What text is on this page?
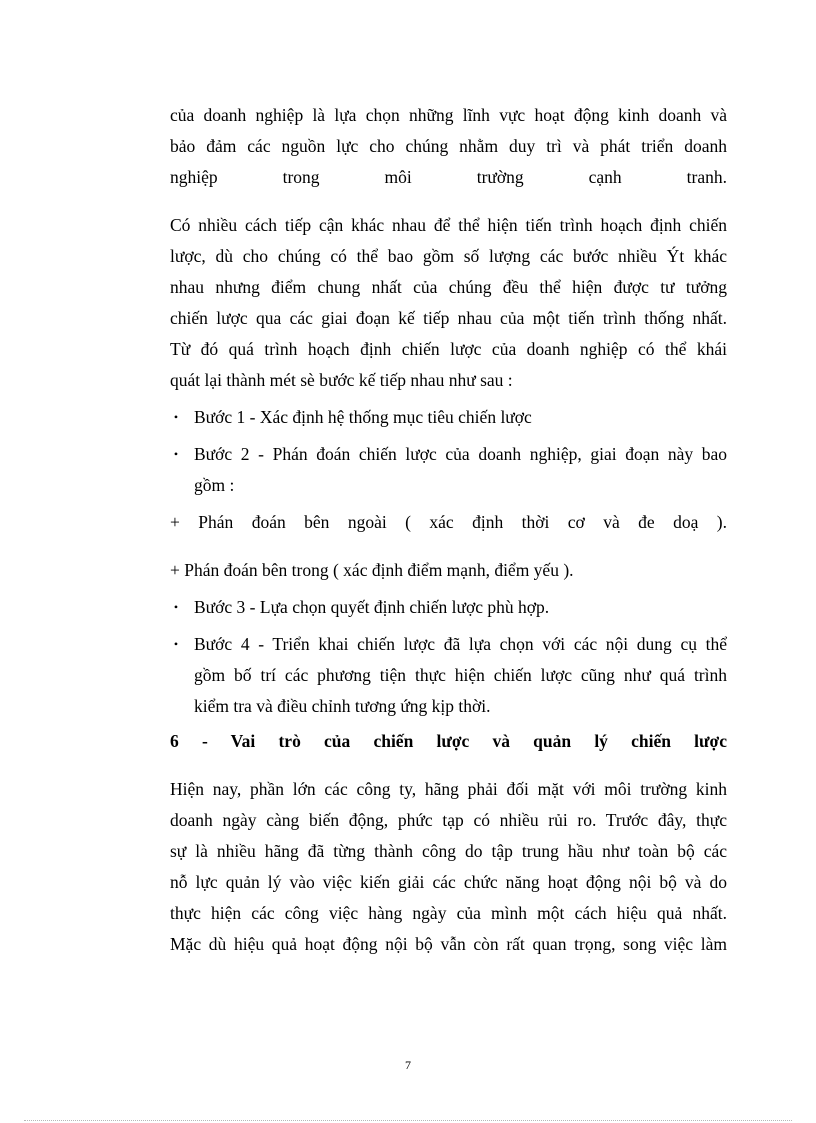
của doanh nghiệp là lựa chọn những lĩnh vực hoạt động kinh doanh và
bảo đảm các nguồn lực cho chúng nhằm duy trì và phát triển doanh
nghiệp trong môi trường cạnh tranh.

Có nhiều cách tiếp cận khác nhau để thể hiện tiến trình hoạch định chiến
lược, dù cho chúng có thể bao gồm số lượng các bước nhiều Ýt khác
nhau nhưng điểm chung nhất của chúng đều thể hiện được tư tưởng
chiến lược qua các giai đoạn kế tiếp nhau của một tiến trình thống nhất.
Từ đó quá trình hoạch định chiến lược của doanh nghiệp có thể khái
quát lại thành mét sè bước kế tiếp nhau như sau :

• Bước 1 - Xác định hệ thống mục tiêu chiến lược
• Bước 2 - Phán đoán chiến lược của doanh nghiệp, giai đoạn này bao
gồm :

+ Phán đoán bên ngoài ( xác định thời cơ và đe doạ ).

+ Phán đoán bên trong ( xác định điểm mạnh, điểm yếu ).

• Bước 3 - Lựa chọn quyết định chiến lược phù hợp.
• Bước 4 - Triển khai chiến lược đã lựa chọn với các nội dung cụ thể
gồm bố trí các phương tiện thực hiện chiến lược cũng như quá trình
kiểm tra và điều chỉnh tương ứng kịp thời.

6 - Vai trò của chiến lược và quản lý chiến lược

Hiện nay, phần lớn các công ty, hãng phải đối mặt với môi trường kinh
doanh ngày càng biến động, phức tạp có nhiều rủi ro. Trước đây, thực
sự là nhiều hãng đã từng thành công do tập trung hầu như toàn bộ các
nỗ lực quản lý vào việc kiến giải các chức năng hoạt động nội bộ và do
thực hiện các công việc hàng ngày của mình một cách hiệu quả nhất.
Mặc dù hiệu quả hoạt động nội bộ vẫn còn rất quan trọng, song việc làm

7
